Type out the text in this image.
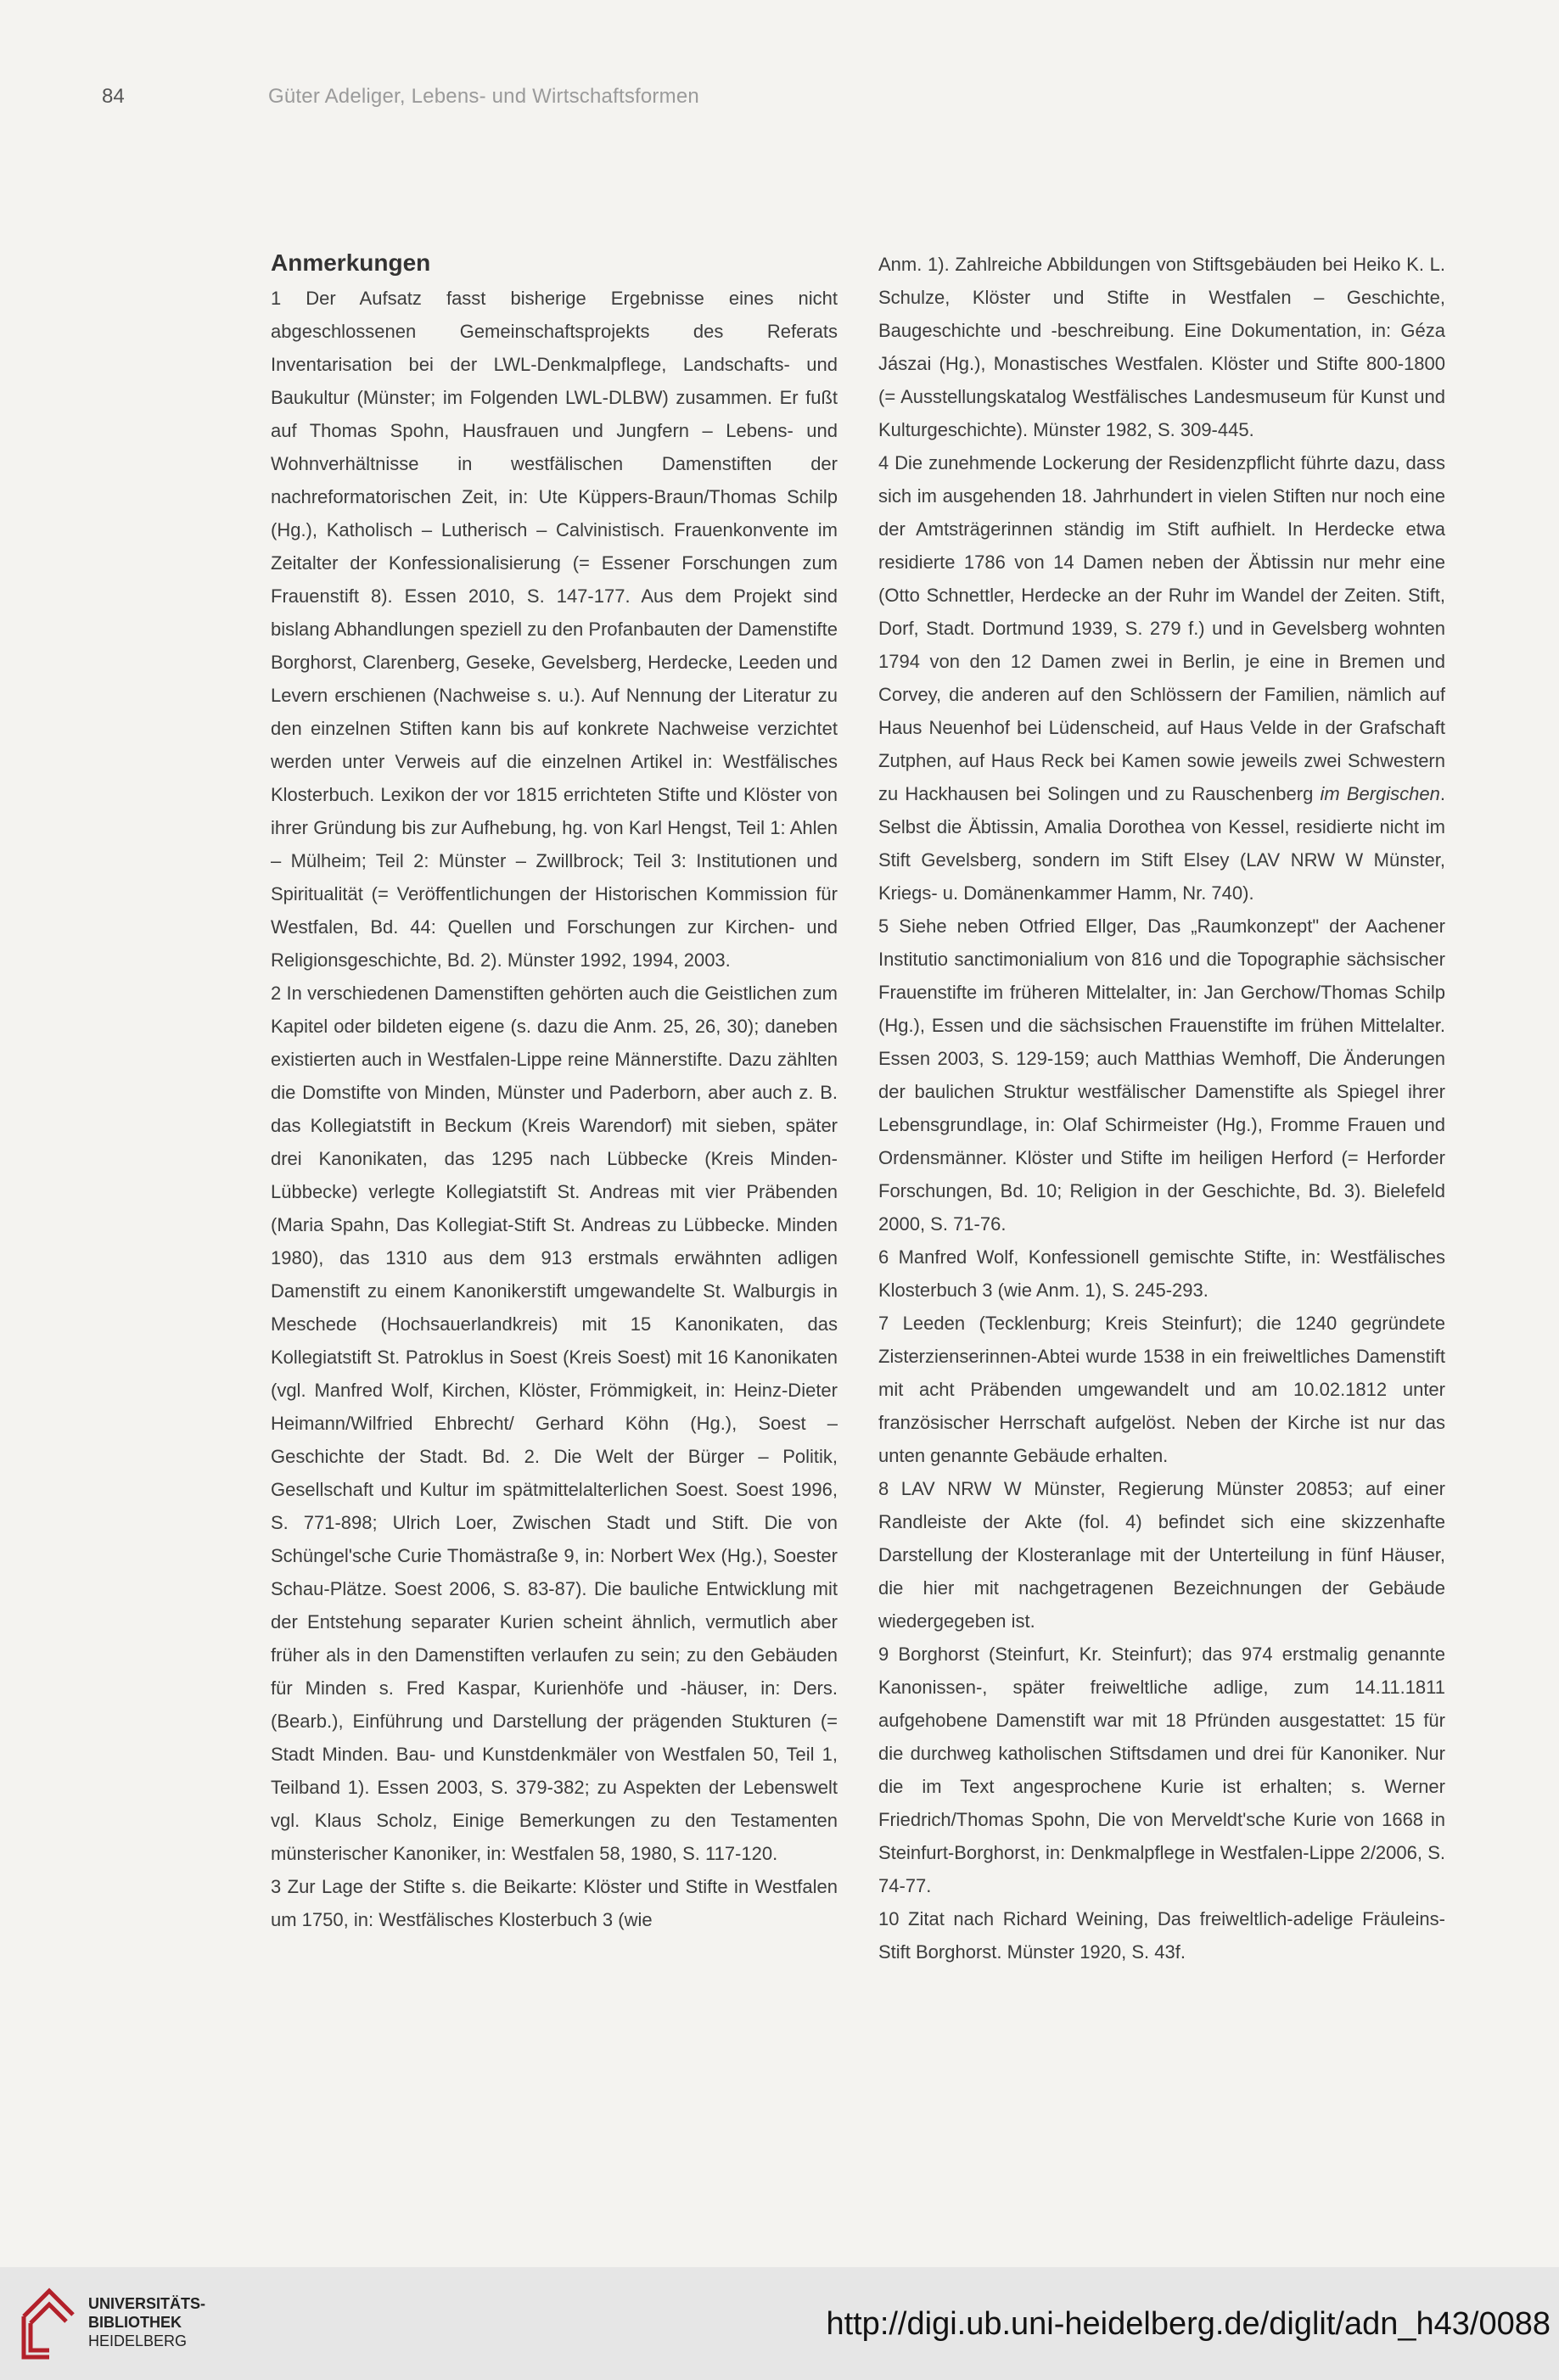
84	Güter Adeliger, Lebens- und Wirtschaftsformen
Anmerkungen

1 Der Aufsatz fasst bisherige Ergebnisse eines nicht abgeschlossenen Gemeinschaftsprojekts des Referats Inventarisation bei der LWL-Denkmalpflege, Landschafts- und Baukultur (Münster; im Folgenden LWL-DLBW) zusammen. Er fußt auf Thomas Spohn, Hausfrauen und Jungfern – Lebens- und Wohnverhältnisse in westfälischen Damenstiften der nachreformatorischen Zeit, in: Ute Küppers-Braun/Thomas Schilp (Hg.), Katholisch – Lutherisch – Calvinistisch. Frauenkonvente im Zeitalter der Konfessionalisierung (= Essener Forschungen zum Frauenstift 8). Essen 2010, S. 147-177. Aus dem Projekt sind bislang Abhandlungen speziell zu den Profanbauten der Damenstifte Borghorst, Clarenberg, Geseke, Gevelsberg, Herdecke, Leeden und Levern erschienen (Nachweise s. u.). Auf Nennung der Literatur zu den einzelnen Stiften kann bis auf konkrete Nachweise verzichtet werden unter Verweis auf die einzelnen Artikel in: Westfälisches Klosterbuch. Lexikon der vor 1815 errichteten Stifte und Klöster von ihrer Gründung bis zur Aufhebung, hg. von Karl Hengst, Teil 1: Ahlen – Mülheim; Teil 2: Münster – Zwillbrock; Teil 3: Institutionen und Spiritualität (= Veröffentlichungen der Historischen Kommission für Westfalen, Bd. 44: Quellen und Forschungen zur Kirchen- und Religionsgeschichte, Bd. 2). Münster 1992, 1994, 2003.

2 In verschiedenen Damenstiften gehörten auch die Geistlichen zum Kapitel oder bildeten eigene (s. dazu die Anm. 25, 26, 30); daneben existierten auch in Westfalen-Lippe reine Männerstifte. Dazu zählten die Domstifte von Minden, Münster und Paderborn, aber auch z. B. das Kollegiatstift in Beckum (Kreis Warendorf) mit sieben, später drei Kanonikaten, das 1295 nach Lübbecke (Kreis Minden-Lübbecke) verlegte Kollegiatstift St. Andreas mit vier Präbenden (Maria Spahn, Das Kollegiat-Stift St. Andreas zu Lübbecke. Minden 1980), das 1310 aus dem 913 erstmals erwähnten adligen Damenstift zu einem Kanonikerstift umgewandelte St. Walburgis in Meschede (Hochsauerlandkreis) mit 15 Kanonikaten, das Kollegiatstift St. Patroklus in Soest (Kreis Soest) mit 16 Kanonikaten (vgl. Manfred Wolf, Kirchen, Klöster, Frömmigkeit, in: Heinz-Dieter Heimann/Wilfried Ehbrecht/ Gerhard Köhn (Hg.), Soest – Geschichte der Stadt. Bd. 2. Die Welt der Bürger – Politik, Gesellschaft und Kultur im spätmittelalterlichen Soest. Soest 1996, S. 771-898; Ulrich Loer, Zwischen Stadt und Stift. Die von Schüngel'sche Curie Thomästraße 9, in: Norbert Wex (Hg.), Soester Schau-Plätze. Soest 2006, S. 83-87). Die bauliche Entwicklung mit der Entstehung separater Kurien scheint ähnlich, vermutlich aber früher als in den Damenstiften verlaufen zu sein; zu den Gebäuden für Minden s. Fred Kaspar, Kurienhöfe und -häuser, in: Ders. (Bearb.), Einführung und Darstellung der prägenden Stukturen (= Stadt Minden. Bau- und Kunstdenkmäler von Westfalen 50, Teil 1, Teilband 1). Essen 2003, S. 379-382; zu Aspekten der Lebenswelt vgl. Klaus Scholz, Einige Bemerkungen zu den Testamenten münsterischer Kanoniker, in: Westfalen 58, 1980, S. 117-120.

3 Zur Lage der Stifte s. die Beikarte: Klöster und Stifte in Westfalen um 1750, in: Westfälisches Klosterbuch 3 (wie

Anm. 1). Zahlreiche Abbildungen von Stiftsgebäuden bei Heiko K. L. Schulze, Klöster und Stifte in Westfalen – Geschichte, Baugeschichte und -beschreibung. Eine Dokumentation, in: Géza Jászai (Hg.), Monastisches Westfalen. Klöster und Stifte 800-1800 (= Ausstellungskatalog Westfälisches Landesmuseum für Kunst und Kulturgeschichte). Münster 1982, S. 309-445.

4 Die zunehmende Lockerung der Residenzpflicht führte dazu, dass sich im ausgehenden 18. Jahrhundert in vielen Stiften nur noch eine der Amtsträgerinnen ständig im Stift aufhielt. In Herdecke etwa residierte 1786 von 14 Damen neben der Äbtissin nur mehr eine (Otto Schnettler, Herdecke an der Ruhr im Wandel der Zeiten. Stift, Dorf, Stadt. Dortmund 1939, S. 279 f.) und in Gevelsberg wohnten 1794 von den 12 Damen zwei in Berlin, je eine in Bremen und Corvey, die anderen auf den Schlössern der Familien, nämlich auf Haus Neuenhof bei Lüdenscheid, auf Haus Velde in der Grafschaft Zutphen, auf Haus Reck bei Kamen sowie jeweils zwei Schwestern zu Hackhausen bei Solingen und zu Rauschenberg im Bergischen. Selbst die Äbtissin, Amalia Dorothea von Kessel, residierte nicht im Stift Gevelsberg, sondern im Stift Elsey (LAV NRW W Münster, Kriegs- u. Domänenkammer Hamm, Nr. 740).

5 Siehe neben Otfried Ellger, Das „Raumkonzept" der Aachener Institutio sanctimonialium von 816 und die Topographie sächsischer Frauenstifte im früheren Mittelalter, in: Jan Gerchow/Thomas Schilp (Hg.), Essen und die sächsischen Frauenstifte im frühen Mittelalter. Essen 2003, S. 129-159; auch Matthias Wemhoff, Die Änderungen der baulichen Struktur westfälischer Damenstifte als Spiegel ihrer Lebensgrundlage, in: Olaf Schirmeister (Hg.), Fromme Frauen und Ordensmänner. Klöster und Stifte im heiligen Herford (= Herforder Forschungen, Bd. 10; Religion in der Geschichte, Bd. 3). Bielefeld 2000, S. 71-76.

6 Manfred Wolf, Konfessionell gemischte Stifte, in: Westfälisches Klosterbuch 3 (wie Anm. 1), S. 245-293.

7 Leeden (Tecklenburg; Kreis Steinfurt); die 1240 gegründete Zisterzienserinnen-Abtei wurde 1538 in ein freiweltliches Damenstift mit acht Präbenden umgewandelt und am 10.02.1812 unter französischer Herrschaft aufgelöst. Neben der Kirche ist nur das unten genannte Gebäude erhalten.

8 LAV NRW W Münster, Regierung Münster 20853; auf einer Randleiste der Akte (fol. 4) befindet sich eine skizzenhafte Darstellung der Klosteranlage mit der Unterteilung in fünf Häuser, die hier mit nachgetragenen Bezeichnungen der Gebäude wiedergegeben ist.

9 Borghorst (Steinfurt, Kr. Steinfurt); das 974 erstmalig genannte Kanonissen-, später freiweltliche adlige, zum 14.11.1811 aufgehobene Damenstift war mit 18 Pfründen ausgestattet: 15 für die durchweg katholischen Stiftsdamen und drei für Kanoniker. Nur die im Text angesprochene Kurie ist erhalten; s. Werner Friedrich/Thomas Spohn, Die von Merveldt'sche Kurie von 1668 in Steinfurt-Borghorst, in: Denkmalpflege in Westfalen-Lippe 2/2006, S. 74-77.

10 Zitat nach Richard Weining, Das freiweltlich-adelige Fräuleins-Stift Borghorst. Münster 1920, S. 43f.

UNIVERSITÄTS-
BIBLIOTHEK
HEIDELBERG	http://digi.ub.uni-heidelberg.de/diglit/adn_h43/0088
